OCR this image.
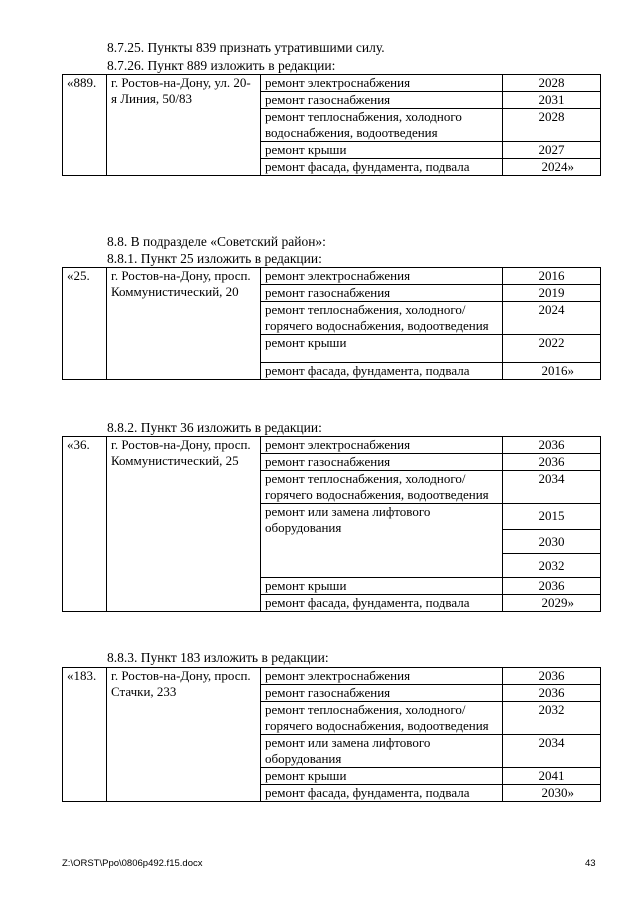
8.7.25. Пункты 839 признать утратившими силу.
8.7.26. Пункт 889 изложить в редакции:
«889.	г. Ростов-на-Дону, ул. 20-я Линия, 50/83	ремонт электроснабжения	2028
		ремонт газоснабжения	2031
		ремонт теплоснабжения, холодного водоснабжения, водоотведения	2028
		ремонт крыши	2027
		ремонт фасада, фундамента, подвала	2024»
8.8. В подразделе «Советский район»:
8.8.1. Пункт 25 изложить в редакции:
«25.	г. Ростов-на-Дону, просп. Коммунистический, 20	ремонт электроснабжения	2016
		ремонт газоснабжения	2019
		ремонт теплоснабжения, холодного/горячего водоснабжения, водоотведения	2024
		ремонт крыши	2022
		ремонт фасада, фундамента, подвала	2016»
8.8.2. Пункт 36 изложить в редакции:
«36.	г. Ростов-на-Дону, просп. Коммунистический, 25	ремонт электроснабжения	2036
		ремонт газоснабжения	2036
		ремонт теплоснабжения, холодного/горячего водоснабжения, водоотведения	2034
		ремонт или замена лифтового оборудования	2015
			2030
			2032
		ремонт крыши	2036
		ремонт фасада, фундамента, подвала	2029»
8.8.3. Пункт 183 изложить в редакции:
«183.	г. Ростов-на-Дону, просп. Стачки, 233	ремонт электроснабжения	2036
		ремонт газоснабжения	2036
		ремонт теплоснабжения, холодного/горячего водоснабжения, водоотведения	2032
		ремонт или замена лифтового оборудования	2034
		ремонт крыши	2041
		ремонт фасада, фундамента, подвала	2030»
Z:\ORST\Ppo\0806p492.f15.docx	43
